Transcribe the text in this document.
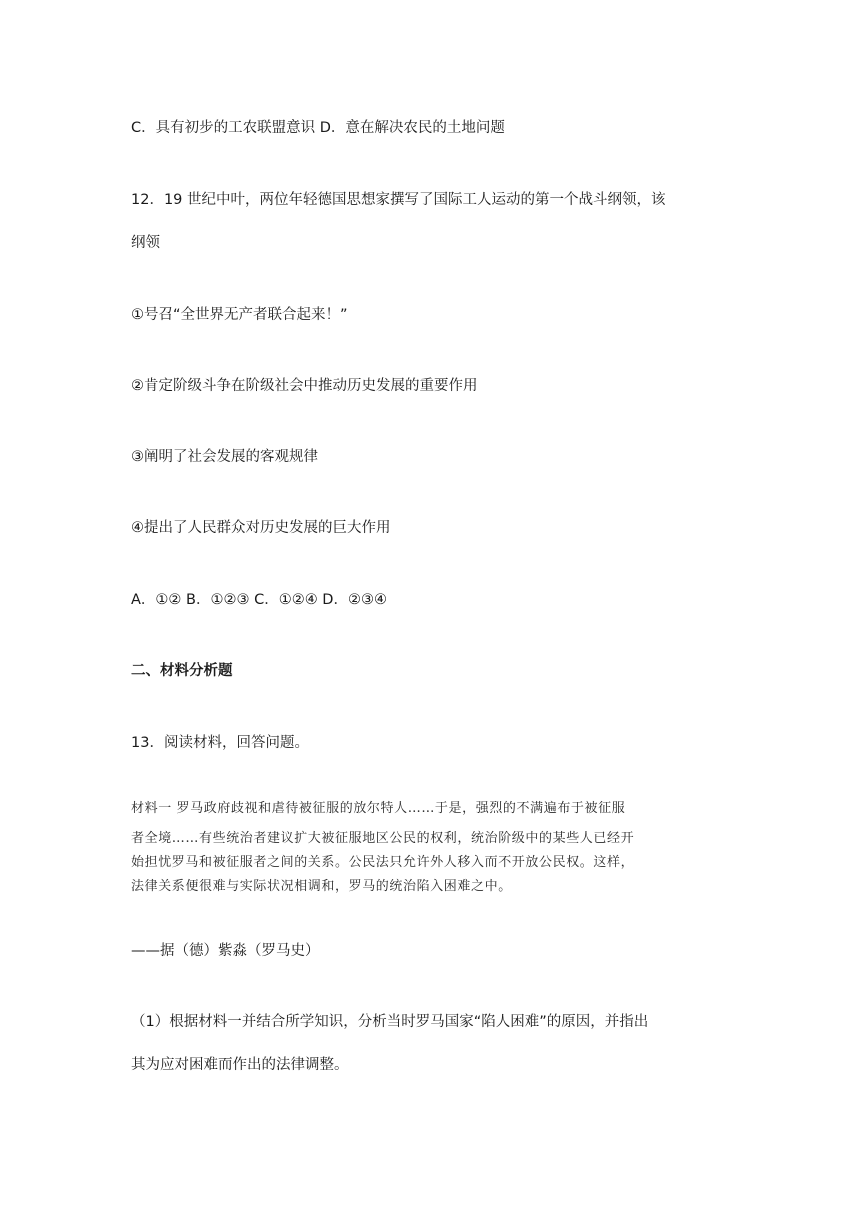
C．具有初步的工农联盟意识 D．意在解决农民的土地问题
12．19 世纪中叶，两位年轻德国思想家撰写了国际工人运动的第一个战斗纲领，该
纲领
①号召“全世界无产者联合起来！”
②肯定阶级斗争在阶级社会中推动历史发展的重要作用
③阐明了社会发展的客观规律
④提出了人民群众对历史发展的巨大作用
A．①② B．①②③ C．①②④ D．②③④
二、材料分析题
13．阅读材料，回答问题。
材料一 罗马政府歧视和虐待被征服的放尔特人……于是，强烈的不满遍布于被征服
者全境……有些统治者建议扩大被征服地区公民的权利，统治阶级中的某些人已经开
始担忧罗马和被征服者之间的关系。公民法只允许外人移入而不开放公民权。这样，
法律关系便很难与实际状况相调和，罗马的统治陷入困难之中。
——据（德）紫淼（罗马史）
（1）根据材料一并结合所学知识，分析当时罗马国家“陷人困难”的原因，并指出
其为应对困难而作出的法律调整。
